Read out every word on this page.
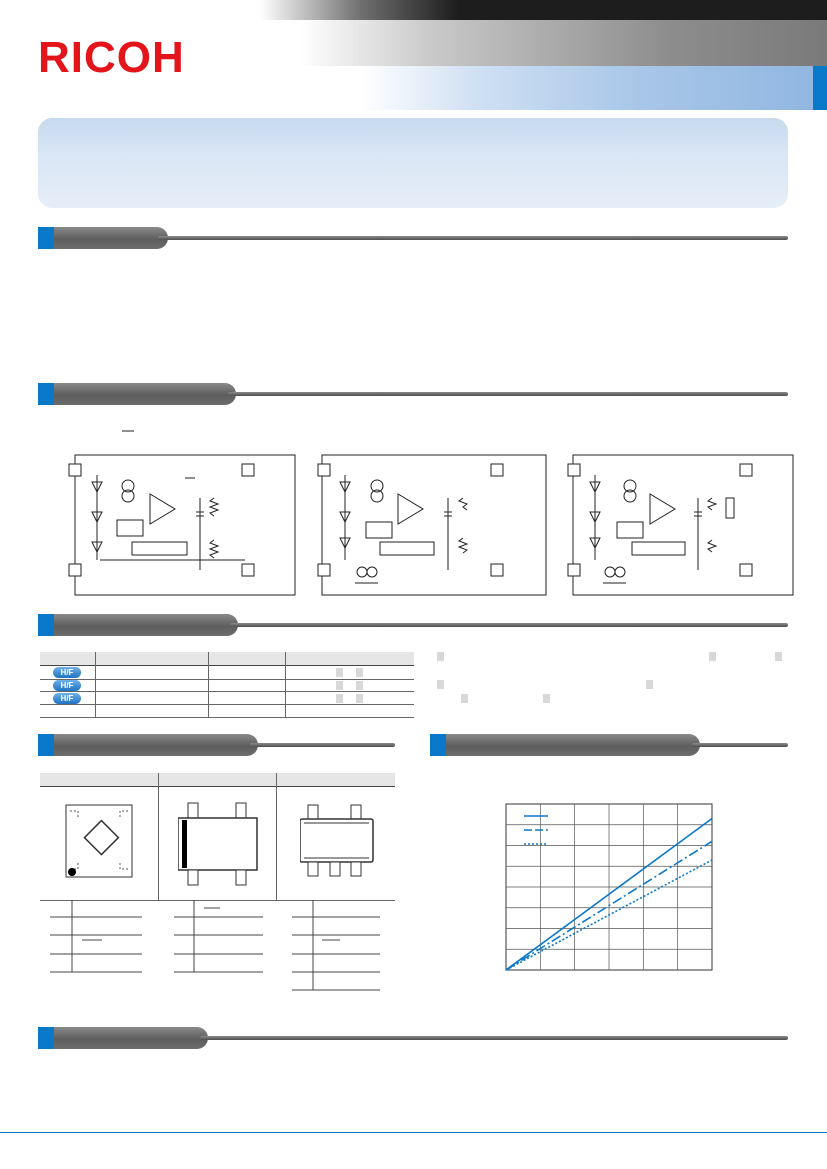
RICOH
H/F
H/F
H/F
